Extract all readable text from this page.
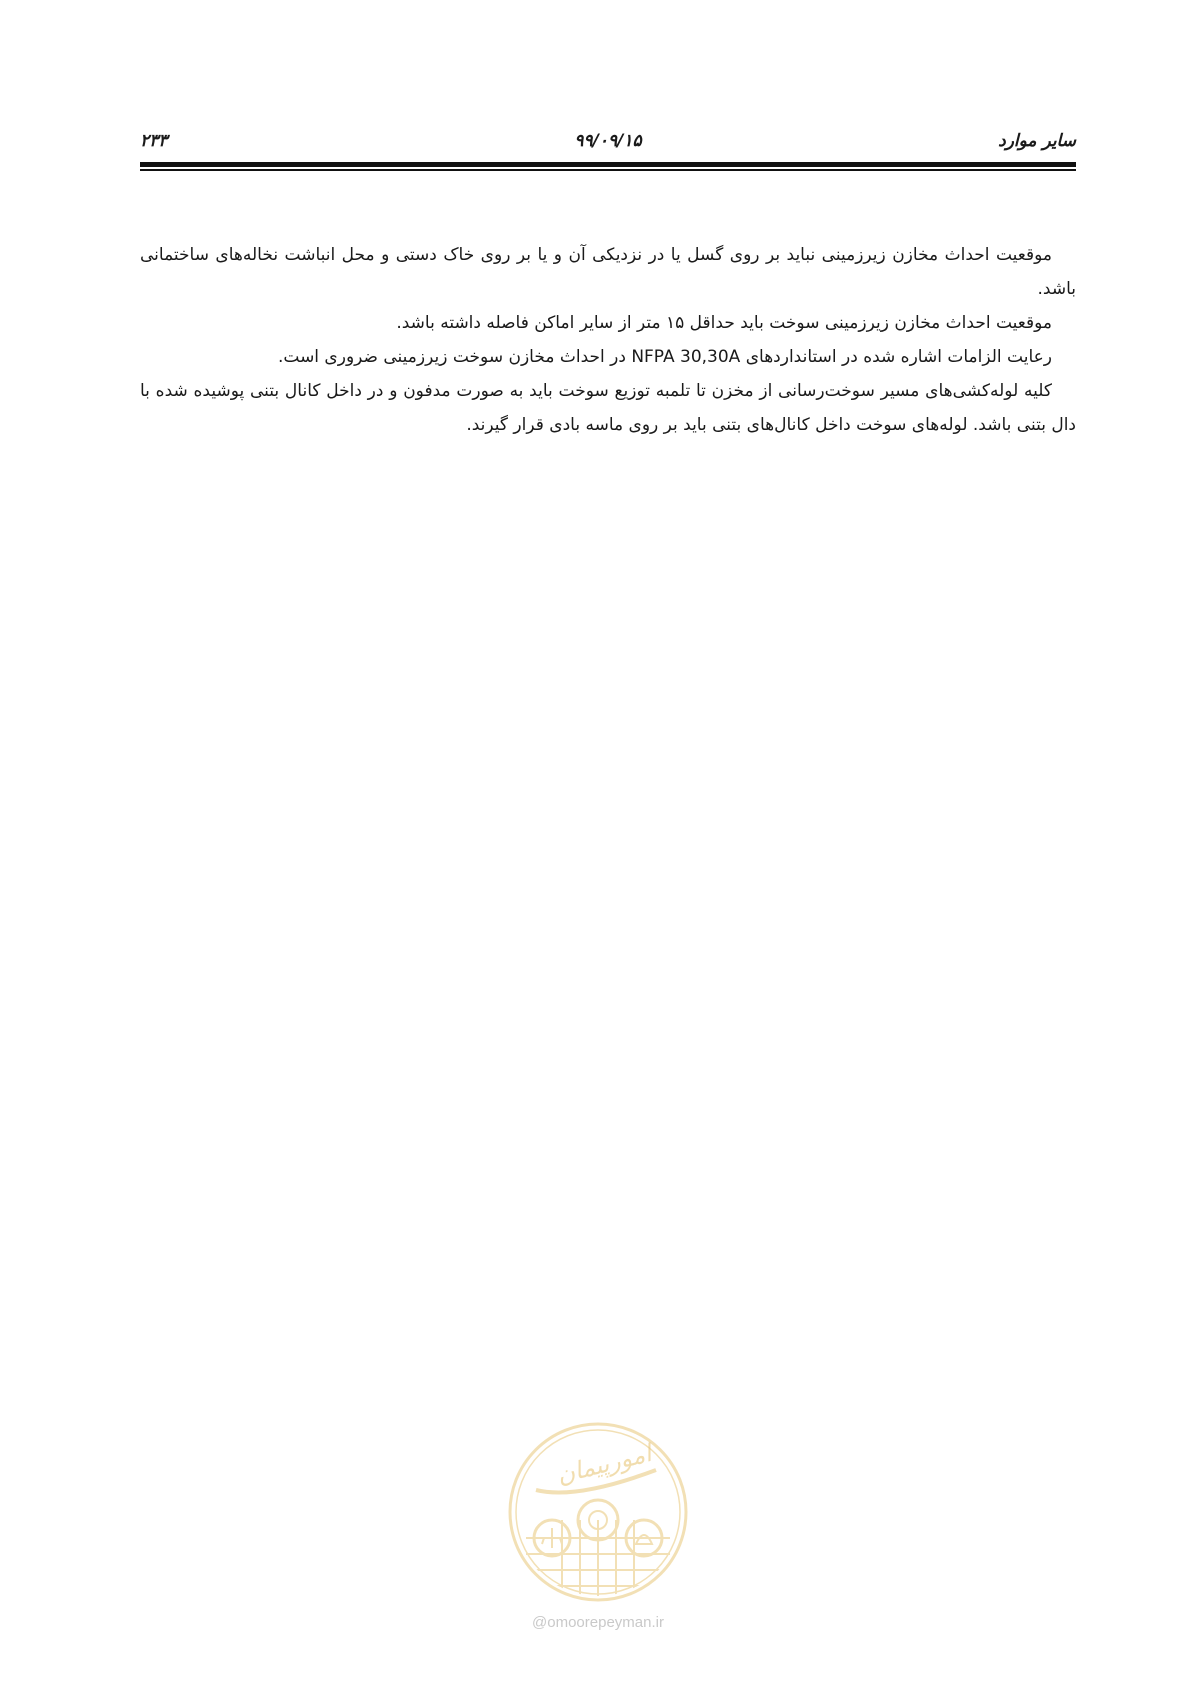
سایر موارد
۹۹/۰۹/۱۵
۲۳۳

موقعیت احداث مخازن زیرزمینی نباید بر روی گسل یا در نزدیکی آن و یا بر روی خاک دستی و محل انباشت نخاله‌های ساختمانی باشد.

موقعیت احداث مخازن زیرزمینی سوخت باید حداقل ۱۵ متر از سایر اماکن فاصله داشته باشد.

رعایت الزامات اشاره شده در استانداردهای NFPA 30,30A در احداث مخازن سوخت زیرزمینی ضروری است.

کلیه لوله‌کشی‌های مسیر سوخت‌رسانی از مخزن تا تلمبه توزیع سوخت باید به صورت مدفون و در داخل کانال بتنی پوشیده شده با دال بتنی باشد. لوله‌های سوخت داخل کانال‌های بتنی باید بر روی ماسه بادی قرار گیرند.

امورپیمان
@omoorepeyman.ir
